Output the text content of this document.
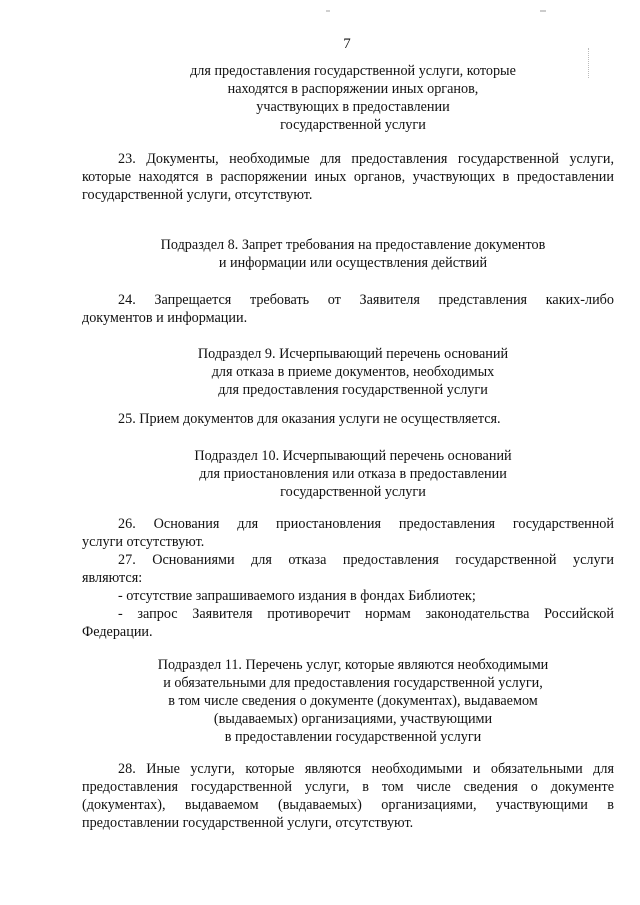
7
для предоставления государственной услуги, которые
находятся в распоряжении иных органов,
участвующих в предоставлении
государственной услуги
23. Документы, необходимые для предоставления государственной услуги,
которые находятся в распоряжении иных органов, участвующих в предоставлении
государственной услуги, отсутствуют.
Подраздел 8. Запрет требования на предоставление документов
и информации или осуществления действий
24. Запрещается требовать от Заявителя представления каких-либо
документов и информации.
Подраздел 9. Исчерпывающий перечень оснований
для отказа в приеме документов, необходимых
для предоставления государственной услуги
25. Прием документов для оказания услуги не осуществляется.
Подраздел 10. Исчерпывающий перечень оснований
для приостановления или отказа в предоставлении
государственной услуги
26. Основания для приостановления предоставления государственной
услуги отсутствуют.
27. Основаниями для отказа предоставления государственной услуги
являются:
- отсутствие запрашиваемого издания в фондах Библиотек;
- запрос Заявителя противоречит нормам законодательства Российской
Федерации.
Подраздел 11. Перечень услуг, которые являются необходимыми
и обязательными для предоставления государственной услуги,
в том числе сведения о документе (документах), выдаваемом
(выдаваемых) организациями, участвующими
в предоставлении государственной услуги
28. Иные услуги, которые являются необходимыми и обязательными для
предоставления государственной услуги, в том числе сведения о документе
(документах), выдаваемом (выдаваемых) организациями, участвующими в
предоставлении государственной услуги, отсутствуют.
